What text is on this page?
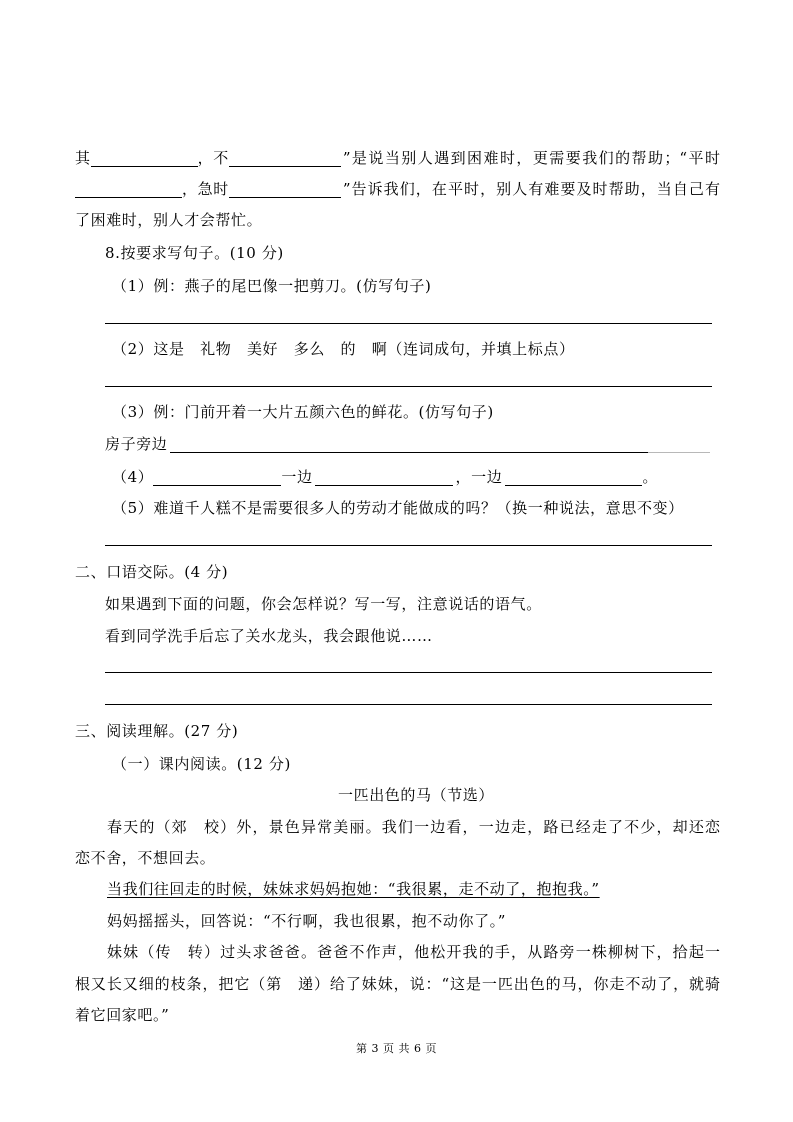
其	，不	”是说当别人遇到困难时，更需要我们的帮助；“平时
，急时	”告诉我们，在平时，别人有难要及时帮助，当自己有
了困难时，别人才会帮忙。
8.按要求写句子。(10 分)
（1）例：燕子的尾巴像一把剪刀。(仿写句子)
（2）这是　礼物　美好　多么　的　啊（连词成句，并填上标点）
（3）例：门前开着一大片五颜六色的鲜花。(仿写句子)
房子旁边
（4）	一边	，一边	。
（5）难道千人糕不是需要很多人的劳动才能做成的吗？（换一种说法，意思不变）
二、口语交际。(4 分)
如果遇到下面的问题，你会怎样说？写一写，注意说话的语气。
看到同学洗手后忘了关水龙头，我会跟他说……
三、阅读理解。(27 分)
（一）课内阅读。(12 分)
一匹出色的马（节选）
春天的（郊　校）外，景色异常美丽。我们一边看，一边走，路已经走了不少，却还恋
恋不舍，不想回去。
当我们往回走的时候，妹妹求妈妈抱她：“我很累，走不动了，抱抱我。”
妈妈摇摇头，回答说：“不行啊，我也很累，抱不动你了。”
妹妹（传　转）过头求爸爸。爸爸不作声，他松开我的手，从路旁一株柳树下，拾起一
根又长又细的枝条，把它（第　递）给了妹妹，说：“这是一匹出色的马，你走不动了，就骑
着它回家吧。”
第 3 页 共 6 页
